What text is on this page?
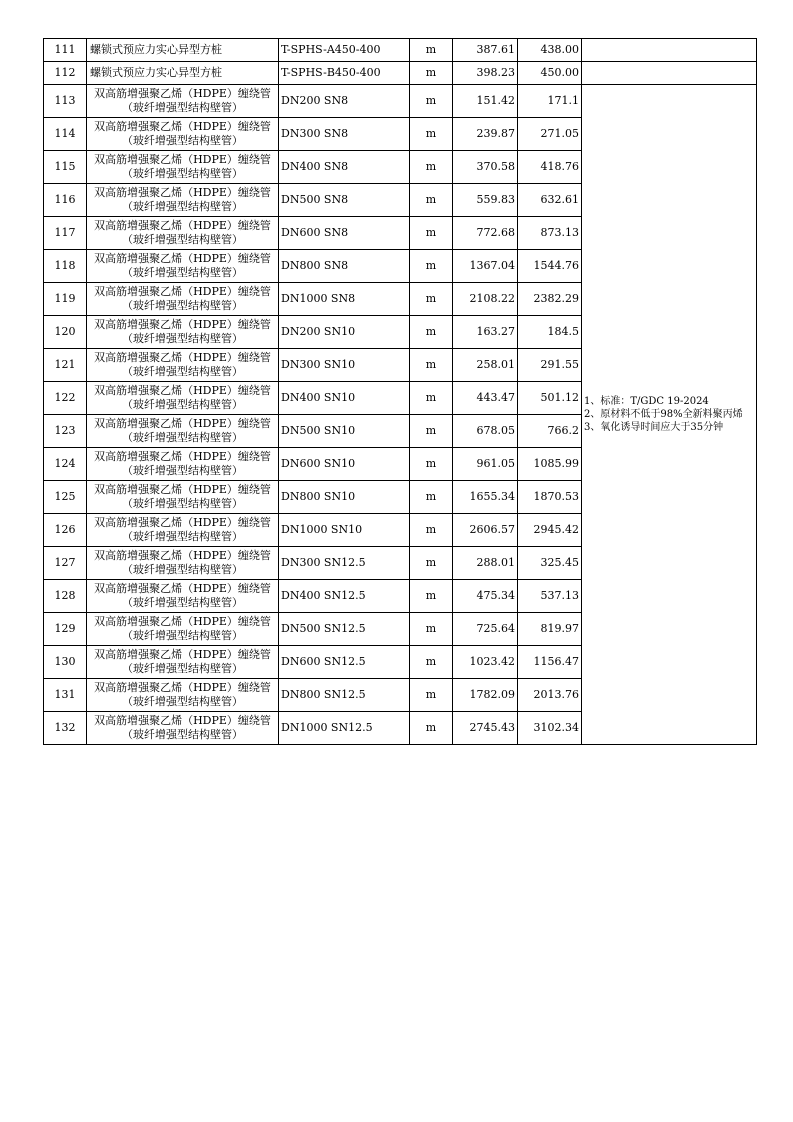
111	螺锁式预应力实心异型方桩	T-SPHS-A450-400	m	387.61	438.00	
112	螺锁式预应力实心异型方桩	T-SPHS-B450-400	m	398.23	450.00	
113	双高筋增强聚乙烯（HDPE）缠绕管
（玻纤增强型结构壁管）	DN200 SN8	m	151.42	171.1	1、标准：T/GDC 19-2024
2、原材料不低于98%全新料聚丙烯
3、氧化诱导时间应大于35分钟

114	双高筋增强聚乙烯（HDPE）缠绕管
（玻纤增强型结构壁管）	DN300 SN8	m	239.87	271.05	
115	双高筋增强聚乙烯（HDPE）缠绕管
（玻纤增强型结构壁管）	DN400 SN8	m	370.58	418.76	
116	双高筋增强聚乙烯（HDPE）缠绕管
（玻纤增强型结构壁管）	DN500 SN8	m	559.83	632.61	
117	双高筋增强聚乙烯（HDPE）缠绕管
（玻纤增强型结构壁管）	DN600 SN8	m	772.68	873.13	
118	双高筋增强聚乙烯（HDPE）缠绕管
（玻纤增强型结构壁管）	DN800 SN8	m	1367.04	1544.76	
119	双高筋增强聚乙烯（HDPE）缠绕管
（玻纤增强型结构壁管）	DN1000 SN8	m	2108.22	2382.29	
120	双高筋增强聚乙烯（HDPE）缠绕管
（玻纤增强型结构壁管）	DN200 SN10	m	163.27	184.5	
121	双高筋增强聚乙烯（HDPE）缠绕管
（玻纤增强型结构壁管）	DN300 SN10	m	258.01	291.55	
122	双高筋增强聚乙烯（HDPE）缠绕管
（玻纤增强型结构壁管）	DN400 SN10	m	443.47	501.12	
123	双高筋增强聚乙烯（HDPE）缠绕管
（玻纤增强型结构壁管）	DN500 SN10	m	678.05	766.2	
124	双高筋增强聚乙烯（HDPE）缠绕管
（玻纤增强型结构壁管）	DN600 SN10	m	961.05	1085.99	
125	双高筋增强聚乙烯（HDPE）缠绕管
（玻纤增强型结构壁管）	DN800 SN10	m	1655.34	1870.53	
126	双高筋增强聚乙烯（HDPE）缠绕管
（玻纤增强型结构壁管）	DN1000 SN10	m	2606.57	2945.42	
127	双高筋增强聚乙烯（HDPE）缠绕管
（玻纤增强型结构壁管）	DN300 SN12.5	m	288.01	325.45	
128	双高筋增强聚乙烯（HDPE）缠绕管
（玻纤增强型结构壁管）	DN400 SN12.5	m	475.34	537.13	
129	双高筋增强聚乙烯（HDPE）缠绕管
（玻纤增强型结构壁管）	DN500 SN12.5	m	725.64	819.97	
130	双高筋增强聚乙烯（HDPE）缠绕管
（玻纤增强型结构壁管）	DN600 SN12.5	m	1023.42	1156.47	
131	双高筋增强聚乙烯（HDPE）缠绕管
（玻纤增强型结构壁管）	DN800 SN12.5	m	1782.09	2013.76	
132	双高筋增强聚乙烯（HDPE）缠绕管
（玻纤增强型结构壁管）	DN1000 SN12.5	m	2745.43	3102.34	
